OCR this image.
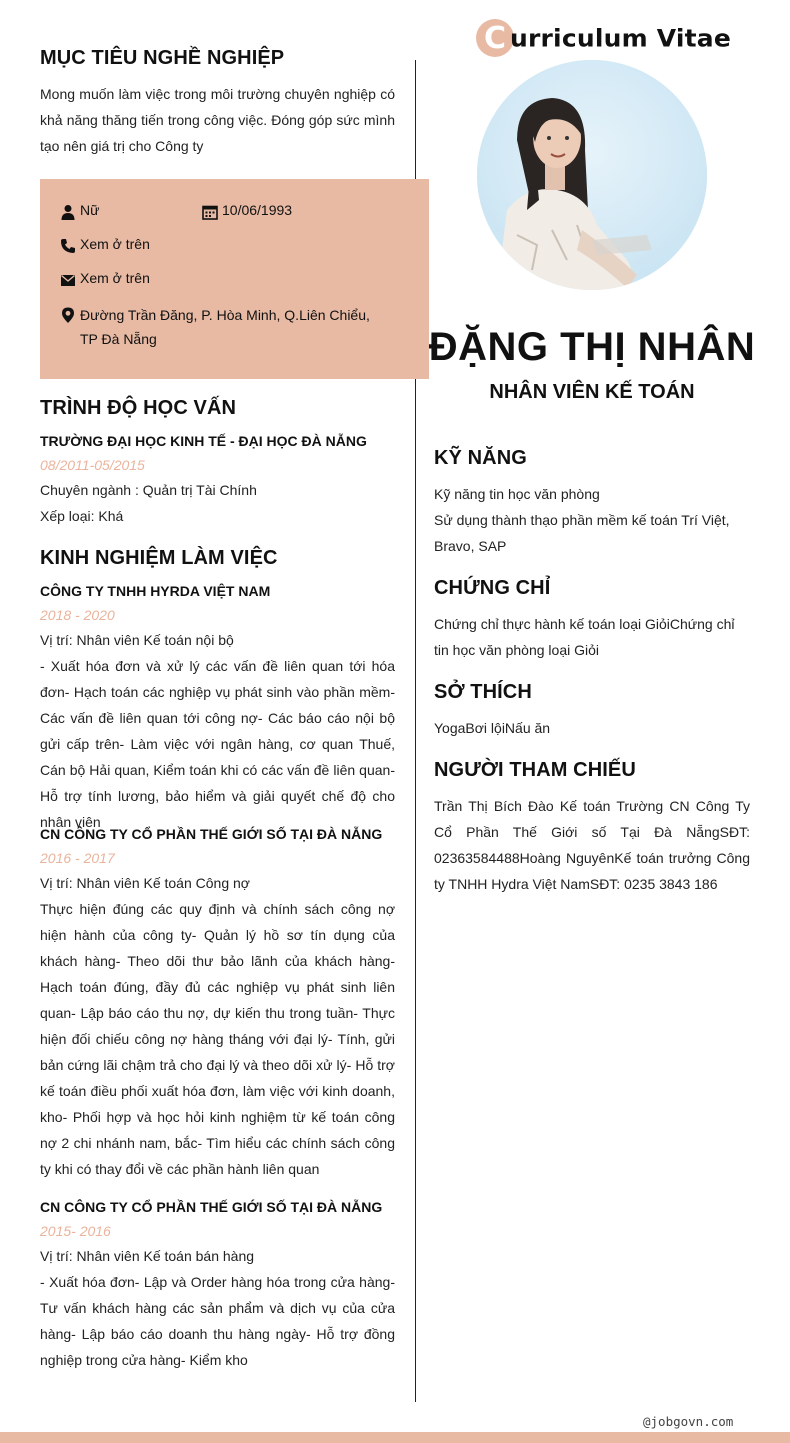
C urriculum Vitae
ĐẶNG THỊ NHÂN
NHÂN VIÊN KẾ TOÁN
MỤC TIÊU NGHỀ NGHIỆP
Mong muốn làm việc trong môi trường chuyên nghiệp có khả năng thăng tiến trong công việc. Đóng góp sức mình tạo nên giá trị cho Công ty
Nữ	10/06/1993
Xem ở trên
Xem ở trên
Đường Trần Đăng, P. Hòa Minh, Q.Liên Chiểu, TP Đà Nẵng
TRÌNH ĐỘ HỌC VẤN
TRƯỜNG ĐẠI HỌC KINH TẾ - ĐẠI HỌC ĐÀ NẴNG
08/2011-05/2015
Chuyên ngành : Quản trị Tài Chính
Xếp loại: Khá
KINH NGHIỆM LÀM VIỆC
CÔNG TY TNHH HYRDA VIỆT NAM
2018 - 2020
Vị trí: Nhân viên Kế toán nội bộ
- Xuất hóa đơn và xử lý các vấn đề liên quan tới hóa đơn- Hạch toán các nghiệp vụ phát sinh vào phần mềm- Các vấn đề liên quan tới công nợ- Các báo cáo nội bộ gửi cấp trên- Làm việc với ngân hàng, cơ quan Thuế, Cán bộ Hải quan, Kiểm toán khi có các vấn đề liên quan- Hỗ trợ tính lương, bảo hiểm và giải quyết chế độ cho nhân viên
CN CÔNG TY CỔ PHẦN THẾ GIỚI SỐ TẠI ĐÀ NẴNG
2016 - 2017
Vị trí: Nhân viên Kế toán Công nợ
Thực hiện đúng các quy định và chính sách công nợ hiện hành của công ty- Quản lý hồ sơ tín dụng của khách hàng- Theo dõi thư bảo lãnh của khách hàng- Hạch toán đúng, đầy đủ các nghiệp vụ phát sinh liên quan- Lập báo cáo thu nợ, dự kiến thu trong tuần- Thực hiện đối chiếu công nợ hàng tháng với đại lý- Tính, gửi bản cứng lãi chậm trả cho đại lý và theo dõi xử lý- Hỗ trợ kế toán điều phối xuất hóa đơn, làm việc với kinh doanh, kho- Phối hợp và học hỏi kinh nghiệm từ kế toán công nợ 2 chi nhánh nam, bắc- Tìm hiểu các chính sách công ty khi có thay đổi về các phần hành liên quan
CN CÔNG TY CỔ PHẦN THẾ GIỚI SỐ TẠI ĐÀ NẴNG
2015- 2016
Vị trí: Nhân viên Kế toán bán hàng
- Xuất hóa đơn- Lập và Order hàng hóa trong cửa hàng- Tư vấn khách hàng các sản phẩm và dịch vụ của cửa hàng- Lập báo cáo doanh thu hàng ngày- Hỗ trợ đồng nghiệp trong cửa hàng- Kiểm kho
KỸ NĂNG
Kỹ năng tin học văn phòng
Sử dụng thành thạo phần mềm kế toán Trí Việt, Bravo, SAP
CHỨNG CHỈ
Chứng chỉ thực hành kế toán loại GiỏiChứng chỉ tin học văn phòng loại Giỏi
SỞ THÍCH
YogaBơi lộiNấu ăn
NGƯỜI THAM CHIẾU
Trần Thị Bích Đào Kế toán Trường CN Công Ty Cổ Phần Thế Giới số Tại Đà NẵngSĐT: 02363584488Hoàng NguyênKế toán trưởng Công ty TNHH Hydra Việt NamSĐT: 0235 3843 186
@jobgovn.com
